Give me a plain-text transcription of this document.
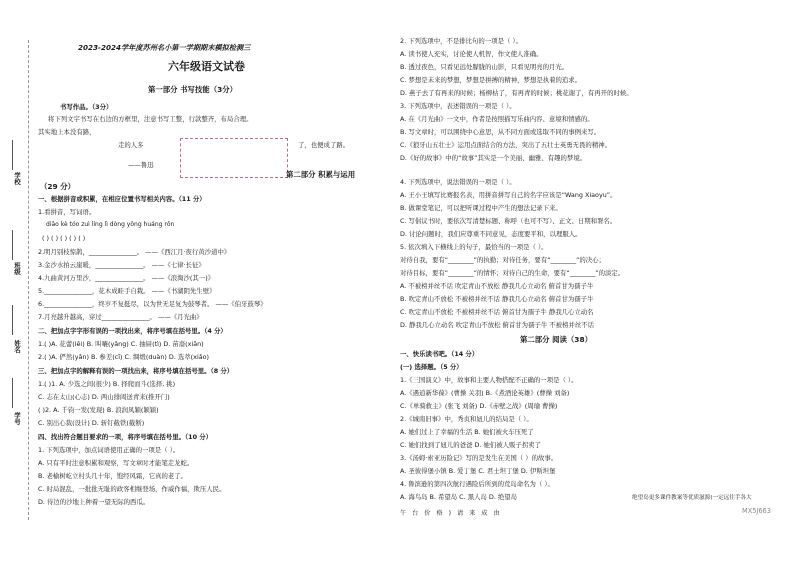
学校
班级
姓名
学号
2023-2024学年度苏州名小第一学期期末模拟检测三
六年级语文试卷
第一部分 书写技能（3分）
书写作品。（3分）
将下列文字书写在右边的方框里，注意书写工整，行款整齐，布局合理。
其实地上本没有路，
走的人多	了，也便成了路。
——鲁迅
（29 分）
一、根据拼音或积累，在相应位置书写相关内容。（11 分）
1.看拼音，写词语。
diāo kè tóo zuì líng lì dòng yōng huáng rǒn
( ) ( ) ( ) ( ) ( )
2.明月别枝惊鹊，_______________。 ——《西江月·夜行黄沙道中》
3.金沙水拍云崖暖，_______________。 ——《七律·长征》
4.九曲黄河万里沙，_______________。 ——《浪淘沙(其一)》
5._______________，花木成畦手自栽。 ——《书湖阴先生壁》
6._______________，终岁不复挺尽，以为世无足复为鼓琴者。 ——《伯牙鼓琴》
7.月亮越升越高，穿过_______________。 ——《月光曲》
二、把加点字字形有误的一项找出来，将序号填在括号里。（4 分）
1.( )A. 花蕾(lěi) B. 叫嚷(yǎng) C. 抽屉(tì) D. 苗裔(xiān)
2.( )A. 俨然(yǎn) B. 参差(cī) C. 绸缎(duàn) D. 选萃(xiǎo)
三、把加点字的解释有误的一项找出来，将序号填在括号里。（8 分）
1.( )1. A. 少选之间(很少) B. 择爬而斗(选择, 挑)
C. 志在太山(心志) D. 两山排闼送青来(推开门)
( )2. A. 千钧一发(发现) B. 浪润凤颖(颖颖)
C. 别出心裁(设计) D. 斩钉截铁(截断)
四、找出符合题目要求的一项，将序号填在括号里。（10 分）
1. 下列选项中，加点词语使用正确的一项是（ ）。
A. 只有平时注意积累和观察，写文章时才能笔走龙蛇。
B. 老榆树屹立村头几十年，饱经风霜，它真的老了。
C. 时局混乱，一批批无耻的政客相继登场，作威作福，欺压人民。
D. 待边的沙地上种着一望无际的西瓜。
第二部分 积累与运用
2. 下列选项中，不是排比句的一项是（ ）。
A. 读书使人充实，讨论使人机智，作文使人准确。
B. 透过夜色，只看见远处朦胧的山影，只看见明亮的月光。
C. 梦想是未来的梦想，梦想是拼搏的精神，梦想是执着的追求。
D. 燕子去了有再来的时候；杨柳枯了，有再青的时候；桃花谢了，有再开的时候。
3. 下列选项中，表述错误的一项是（ ）。
A. 在《月光曲》一文中，作者是按照描写乐曲内容、意境和情感的。
B. 写文章时，可以围绕中心意思，从不同方面或选取不同的事例来写。
C.《狼牙山五壮士》运用点面结合的方法，突出了五壮士英勇无畏的精神。
D.《好的故事》中的“故事”其实是一个美丽、幽雅、有趣的梦境。
4. 下列选项中，说法错误的一项是（ ）。
A. 王小王填写比赛报名表，用拼音拼写自己的名字应该是“Wang Xiaoyu”。
B. 做课堂笔记，可以把听课过程中产生的想法记录下来。
C. 写倡议书时，要依次写清楚标题、称呼（也可不写）、正文、日期和署名。
D. 讨论问题时，我们应尊重不同意见，态度要平和，以理服人。
5. 依次填入下横线上的句子，最恰当的一项是（ ）。
对待自我，要有“________”的执勤；对待任务，要有“________”的决心；
对待目标，要有“________”的情怀；对待自己的生命，要有“________”的淡定。
A. 不被榜并丝不话 吹定青山不放松 静我几心立动名 俯首甘为孺子牛
B. 吹定青山不放松 不被榜并丝不话 静我几心立动名 俯首甘为孺子牛
C. 吹定青山不放松 不被榜并丝不话 俯首甘为孺子牛 静我几心立动名
D. 静我几心立动名 吹定青山不放松 俯首甘为孺子牛 不被榜并丝不话
第二部分 阅读（38）
一、快乐读书吧。（14 分）
(一) 选择题。（5 分）
1.《三国演义》中，故事和主要人物搭配不正确的一项是（ ）。
A.《遇逍新华葆》(曹操 关羽) B.《煮酒论英雄》(曹操 刘备)
C.《单骑救主》(张飞 刘备) D.《赤壁之战》(周瑜 曹操)
2.《城南旧事》中，秀贞和妞儿的结局是（ ）。
A. 她们过上了幸福的生活 B. 她们被火车压死了
C. 她们找到了妞儿的爸爸 D. 她们被人贩子拐卖了
3.《汤姆·索亚历险记》写的是发生在美国（ ）的故事。
A. 圣彼得堡小镇 B. 爱丁堡 C. 君士坦丁堡 D. 伊斯坦堡
4. 鲁滨逊的第四次航行遇险后所到的荒岛命名为（ ）。
A. 海鸟岛 B. 希望岛 C. 黑人岛 D. 绝望岛	绝望岛更多课件教案等优质滋源(一定远往手各大
午 台 价 格 ) 请 来 成 由	MX5J663
